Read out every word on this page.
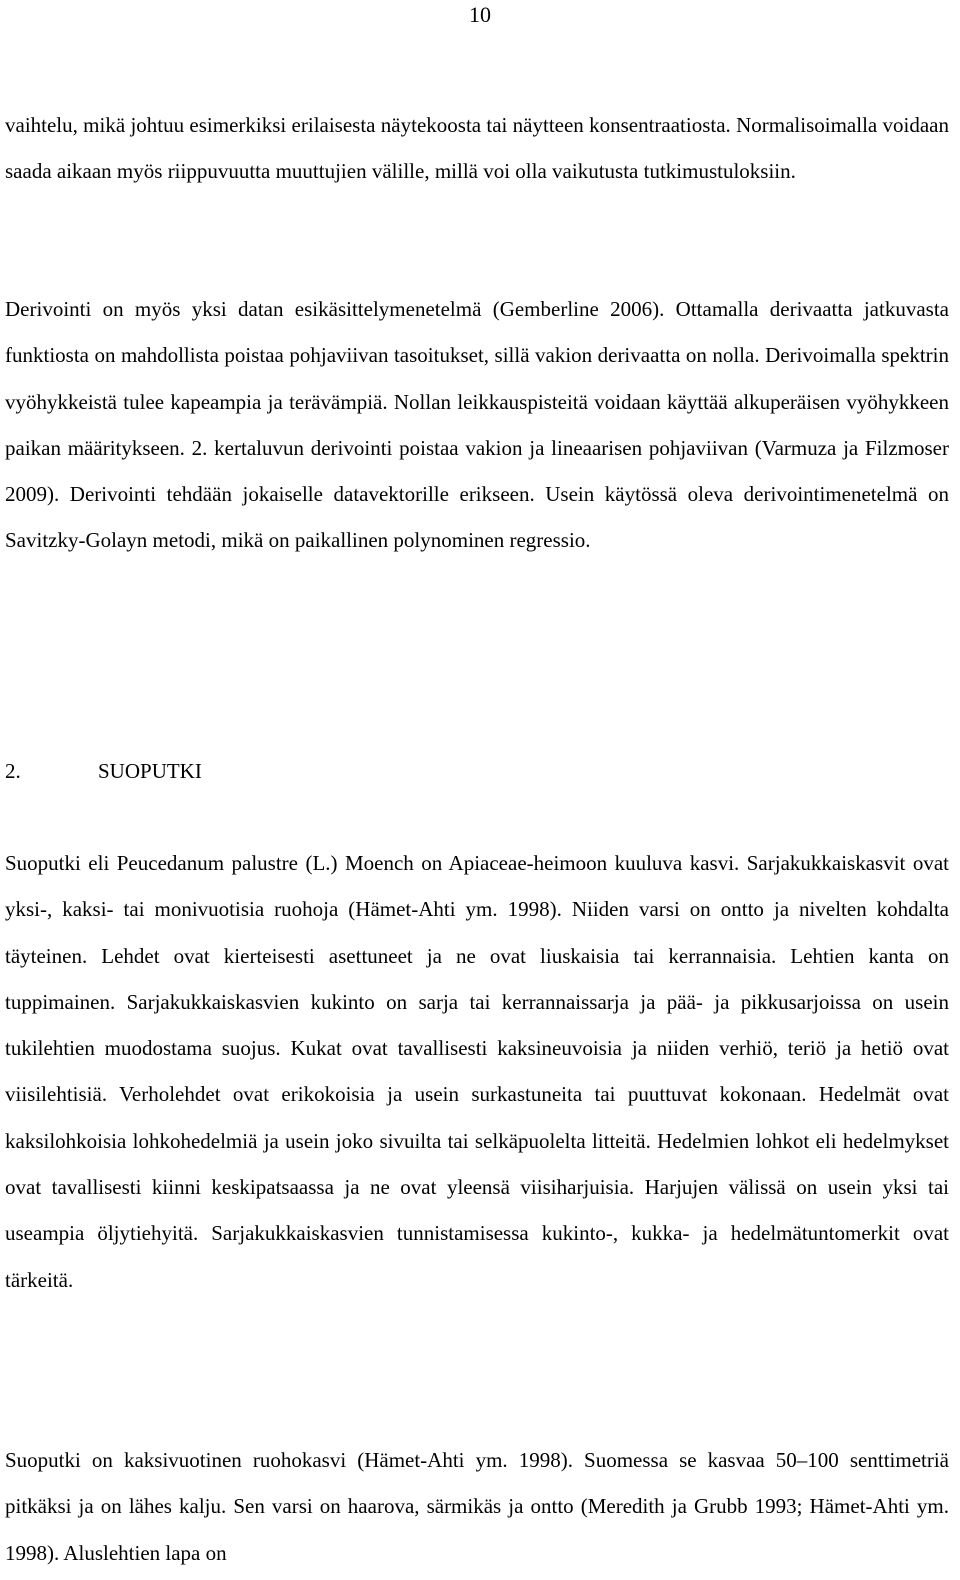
10

vaihtelu, mikä johtuu esimerkiksi erilaisesta näytekoosta tai näytteen konsentraatiosta. Normalisoimalla voidaan saada aikaan myös riippuvuutta muuttujien välille, millä voi olla vaikutusta tutkimustuloksiin.

Derivointi on myös yksi datan esikäsittelymenetelmä (Gemberline 2006). Ottamalla derivaatta jatkuvasta funktiosta on mahdollista poistaa pohjaviivan tasoitukset, sillä vakion derivaatta on nolla. Derivoimalla spektrin vyöhykkeistä tulee kapeampia ja terävämpiä. Nollan leikkauspisteitä voidaan käyttää alkuperäisen vyöhykkeen paikan määritykseen. 2. kertaluvun derivointi poistaa vakion ja lineaarisen pohjaviivan (Varmuza ja Filzmoser 2009). Derivointi tehdään jokaiselle datavektorille erikseen. Usein käytössä oleva derivointimenetelmä on Savitzky-Golayn metodi, mikä on paikallinen polynominen regressio.

2.	SUOPUTKI

Suoputki eli Peucedanum palustre (L.) Moench on Apiaceae-heimoon kuuluva kasvi. Sarjakukkaiskasvit ovat yksi-, kaksi- tai monivuotisia ruohoja (Hämet-Ahti ym. 1998). Niiden varsi on ontto ja nivelten kohdalta täyteinen. Lehdet ovat kierteisesti asettuneet ja ne ovat liuskaisia tai kerrannaisia. Lehtien kanta on tuppimainen. Sarjakukkaiskasvien kukinto on sarja tai kerrannaissarja ja pää- ja pikkusarjoissa on usein tukilehtien muodostama suojus. Kukat ovat tavallisesti kaksineuvoisia ja niiden verhiö, teriö ja hetiö ovat viisilehtisiä. Verholehdet ovat erikokoisia ja usein surkastuneita tai puuttuvat kokonaan. Hedelmät ovat kaksilohkoisia lohkohedelmiä ja usein joko sivuilta tai selkäpuolelta litteitä. Hedelmien lohkot eli hedelmykset ovat tavallisesti kiinni keskipatsaassa ja ne ovat yleensä viisiharjuisia. Harjujen välissä on usein yksi tai useampia öljytiehyitä. Sarjakukkaiskasvien tunnistamisessa kukinto-, kukka- ja hedelmätuntomerkit ovat tärkeitä.

Suoputki on kaksivuotinen ruohokasvi (Hämet-Ahti ym. 1998). Suomessa se kasvaa 50–100 senttimetriä pitkäksi ja on lähes kalju. Sen varsi on haarova, särmikäs ja ontto (Meredith ja Grubb 1993; Hämet-Ahti ym. 1998). Aluslehtien lapa on
